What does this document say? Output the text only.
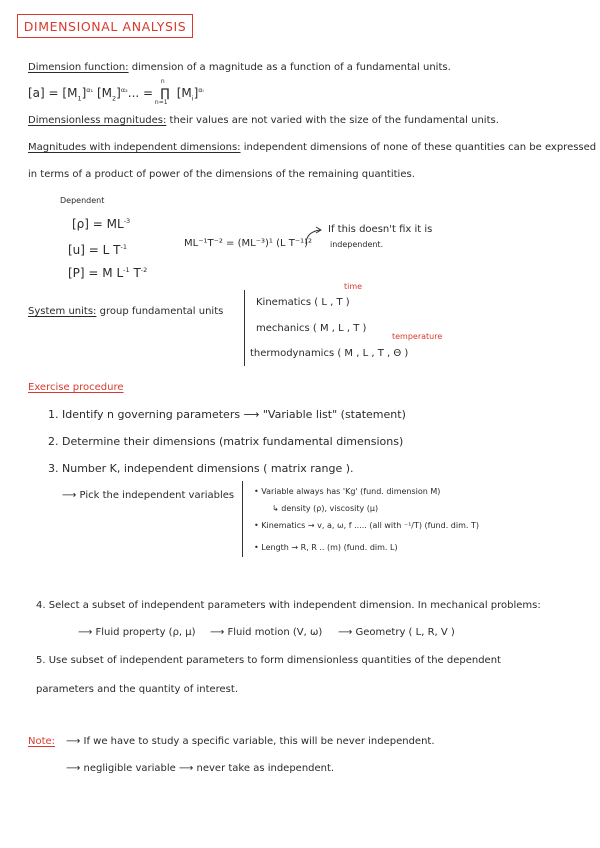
DIMENSIONAL ANALYSIS
Dimension function: dimension of a magnitude as a function of a fundamental units.
$[a] = [M_1]^{\alpha_1}$ $[M_2]^{\alpha_2}$... =
n
∏
n=1
$[M_i]^{\alpha ᵢ}$
Dimensionless magnitudes: their values are not varied with the size of the fundamental units.
Magnitudes with independent dimensions: independent dimensions of none of these quantities can be expressed
in terms of a product of power of the dimensions of the remaining quantities.
Dependent
$[\rho] = ML^{-3}$
[u] = L $T^{-1}$
[P] = M $L^{-1}$ $T^{-2}$
ML⁻¹T⁻² = (ML⁻³)¹ (L T⁻¹)²
If this doesn't fix it is
independent.
System units: group fundamental units
Kinematics ( L , T )
time
mechanics ( M , L , T )
thermodynamics ( M , L , T , Θ )
temperature
Exercise procedure
1. Identify n governing parameters ⟶ "Variable list" (statement)
2. Determine their dimensions (matrix fundamental dimensions)
3. Number K, independent dimensions ( matrix range ).
⟶ Pick the independent variables • Variable always has 'Kg' (fund. dimension M)
↳ density (ρ), viscosity (μ)
• Kinematics → v, a, ω, f ..... (all with ⁻¹/T) (fund. dim. T)
• Length → R, R .. (m) (fund. dim. L)
4. Select a subset of independent parameters with independent dimension. In mechanical problems:
⟶ Fluid property (ρ, μ) ⟶ Fluid motion (V, ω) ⟶ Geometry ( L, R, V )
5. Use subset of independent parameters to form dimensionless quantities of the dependent
parameters and the quantity of interest.
Note: ⟶ If we have to study a specific variable, this will be never independent.
⟶ negligible variable ⟶ never take as independent.
